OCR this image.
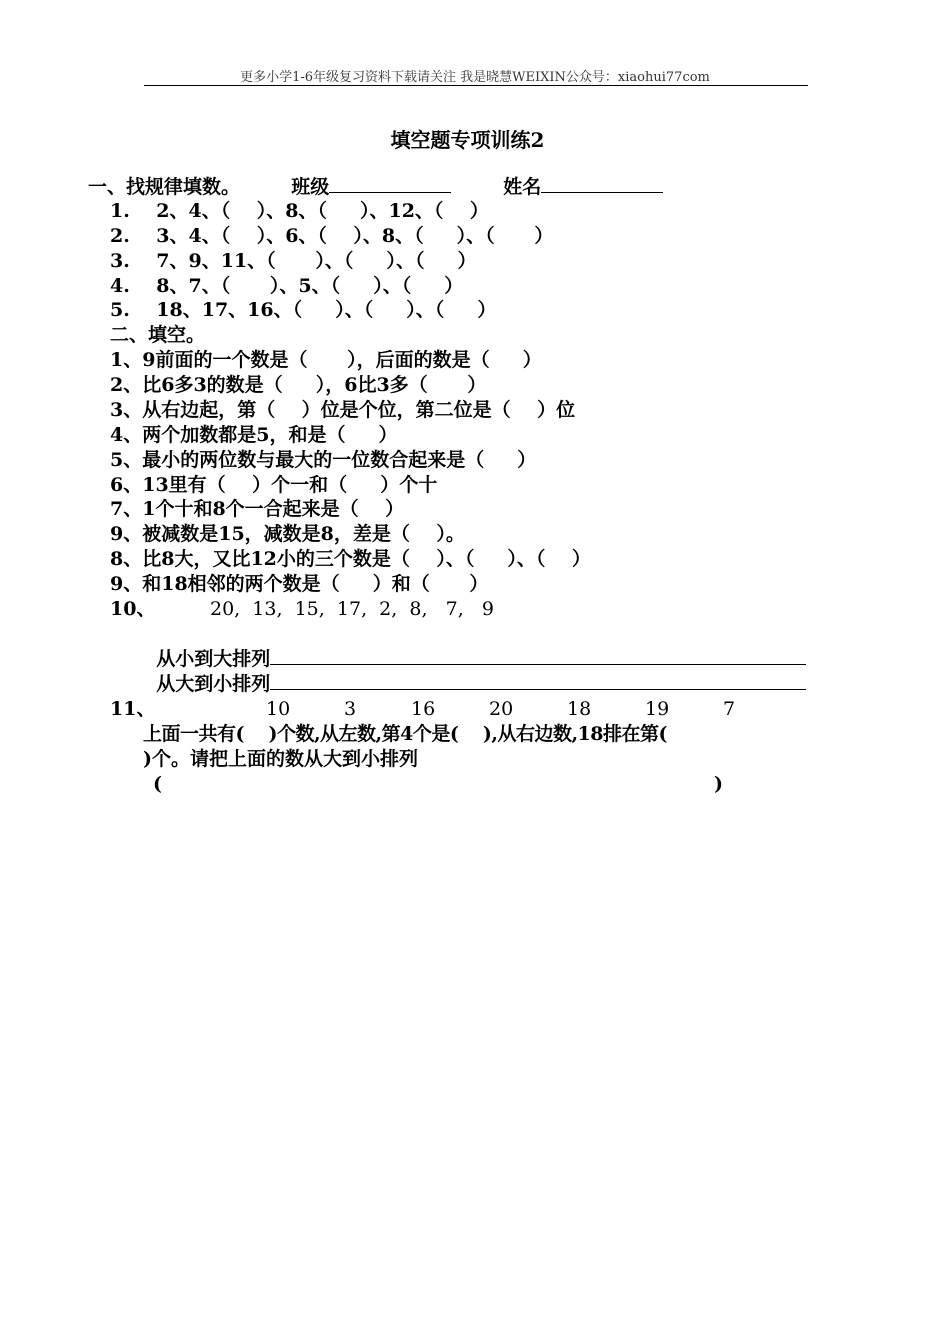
更多小学1-6年级复习资料下载请关注 我是晓慧WEIXIN公众号：xiaohui77com
填空题专项训练2

班级	姓名

一、找规律填数。
1.    2、4、（    ）、8、（     ）、12、（    ）
2.    3、4、（    ）、6、（    ）、8、（     ）、（      ）
3.    7、9、11、（      ）、（     ）、（     ）
4.    8、7、（      ）、5、（     ）、（     ）
5.    18、17、16、（     ）、（     ）、（     ）
二、填空。
1、9前面的一个数是（      ），后面的数是（     ）
2、比6多3的数是（     ），6比3多（      ）
3、从右边起，第（    ）位是个位，第二位是（    ）位
4、两个加数都是5，和是（     ）
5、最小的两位数与最大的一位数合起来是（     ）
6、13里有（    ）个一和（     ）个十
7、1个十和8个一合起来是（    ）
9、被减数是15，减数是8，差是（    ）。
8、比8大，又比12小的三个数是（    ）、（     ）、（    ）
9、和18相邻的两个数是（     ）和（      ）
10、	20,  13,  15,  17,  2,  8,   7,   9

从小到大排列

从大到小排列

11、	10	3	16	20	18	19	7
上面一共有(    )个数,从左数,第4个是(    ),从右边数,18排在第(
)个。请把上面的数从大到小排列
(	)
